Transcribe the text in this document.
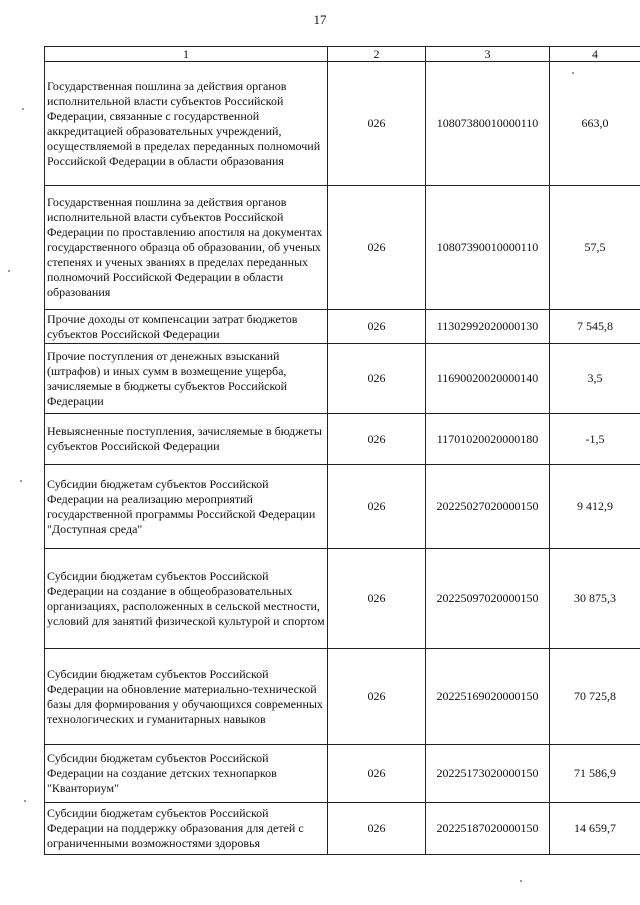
17
1	2	3	4
Государственная пошлина за действия органов исполнительной власти субъектов Российской Федерации, связанные с государственной аккредитацией образовательных учреждений, осуществляемой в пределах переданных полномочий Российской Федерации в области образования	026	10807380010000110	663,0
Государственная пошлина за действия органов исполнительной власти субъектов Российской Федерации по проставлению апостиля на документах государственного образца об образовании, об ученых степенях и ученых званиях в пределах переданных полномочий Российской Федерации в области образования	026	10807390010000110	57,5
Прочие доходы от компенсации затрат бюджетов субъектов Российской Федерации	026	11302992020000130	7 545,8
Прочие поступления от денежных взысканий (штрафов) и иных сумм в возмещение ущерба, зачисляемые в бюджеты субъектов Российской Федерации	026	11690020020000140	3,5
Невыясненные поступления, зачисляемые в бюджеты субъектов Российской Федерации	026	11701020020000180	-1,5
Субсидии бюджетам субъектов Российской Федерации на реализацию мероприятий государственной программы Российской Федерации "Доступная среда"	026	20225027020000150	9 412,9
Субсидии бюджетам субъектов Российской Федерации на создание в общеобразовательных организациях, расположенных в сельской местности, условий для занятий физической культурой и спортом	026	20225097020000150	30 875,3
Субсидии бюджетам субъектов Российской Федерации на обновление материально-технической базы для формирования у обучающихся современных технологических и гуманитарных навыков	026	20225169020000150	70 725,8
Субсидии бюджетам субъектов Российской Федерации на создание детских технопарков "Кванториум"	026	20225173020000150	71 586,9
Субсидии бюджетам субъектов Российской Федерации на поддержку образования для детей с ограниченными возможностями здоровья	026	20225187020000150	14 659,7
